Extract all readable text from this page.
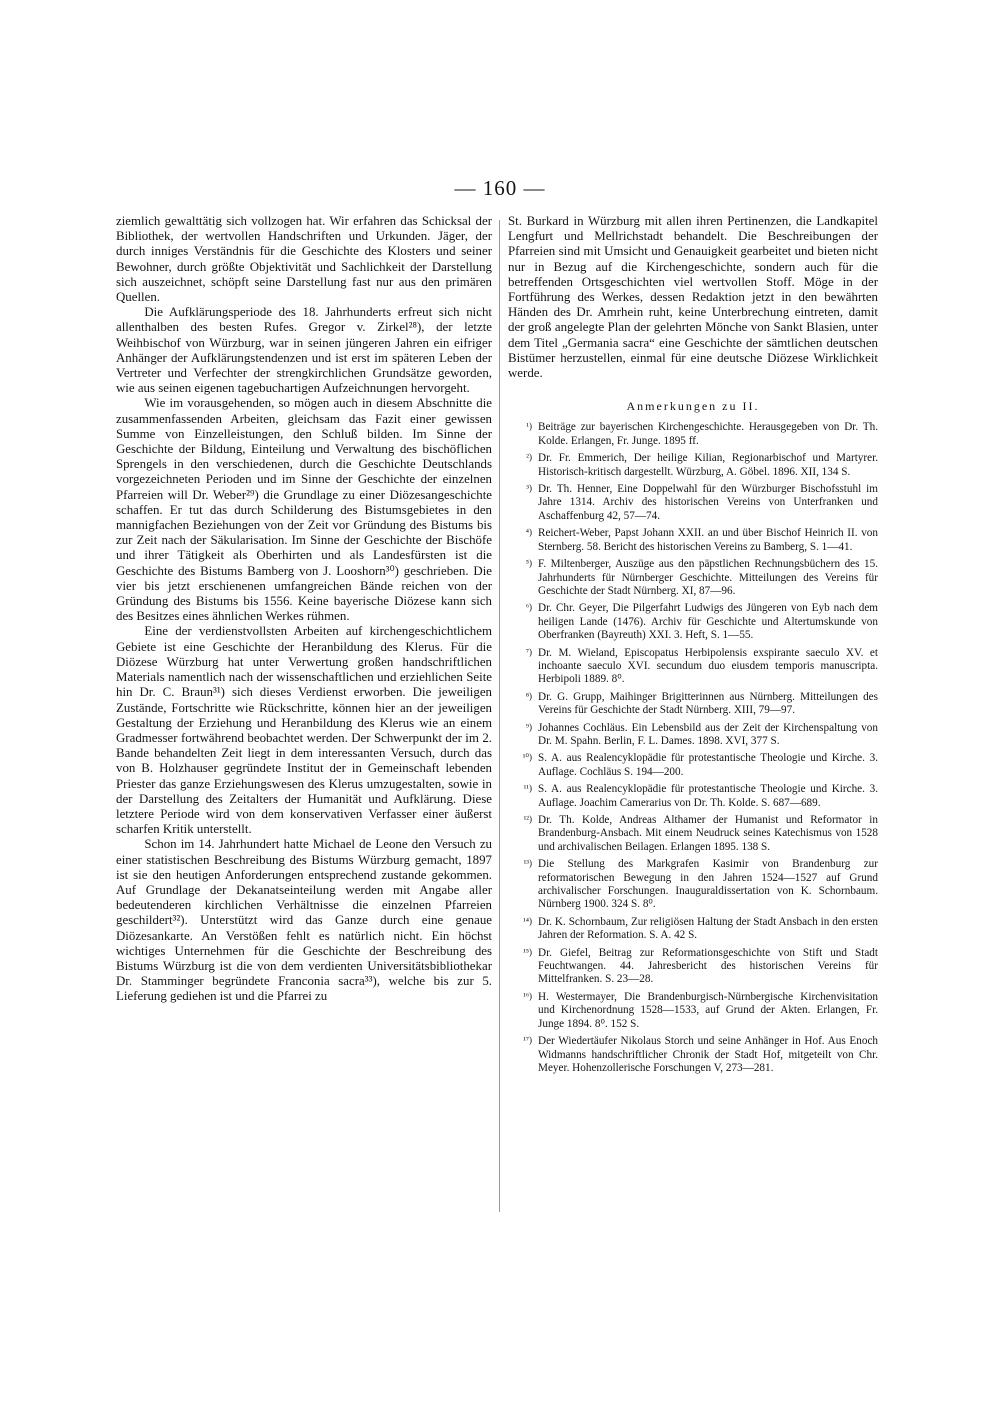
— 160 —

ziemlich gewalttätig sich vollzogen hat. Wir erfahren das Schicksal der Bibliothek, der wertvollen Handschriften und Urkunden. Jäger, der durch inniges Verständnis für die Geschichte des Klosters und seiner Bewohner, durch größte Objektivität und Sachlichkeit der Darstellung sich auszeichnet, schöpft seine Darstellung fast nur aus den primären Quellen.

Die Aufklärungsperiode des 18. Jahrhunderts erfreut sich nicht allenthalben des besten Rufes. Gregor v. Zirkel²⁸), der letzte Weihbischof von Würzburg, war in seinen jüngeren Jahren ein eifriger Anhänger der Aufklärungstendenzen und ist erst im späteren Leben der Vertreter und Verfechter der strengkirchlichen Grundsätze geworden, wie aus seinen eigenen tagebuchartigen Aufzeichnungen hervorgeht.

Wie im vorausgehenden, so mögen auch in diesem Abschnitte die zusammenfassenden Arbeiten, gleichsam das Fazit einer gewissen Summe von Einzelleistungen, den Schluß bilden. Im Sinne der Geschichte der Bildung, Einteilung und Verwaltung des bischöflichen Sprengels in den verschiedenen, durch die Geschichte Deutschlands vorgezeichneten Perioden und im Sinne der Geschichte der einzelnen Pfarreien will Dr. Weber²⁹) die Grundlage zu einer Diözesangeschichte schaffen. Er tut das durch Schilderung des Bistumsgebietes in den mannigfachen Beziehungen von der Zeit vor Gründung des Bistums bis zur Zeit nach der Säkularisation. Im Sinne der Geschichte der Bischöfe und ihrer Tätigkeit als Oberhirten und als Landesfürsten ist die Geschichte des Bistums Bamberg von J. Looshorn³⁰) geschrieben. Die vier bis jetzt erschienenen umfangreichen Bände reichen von der Gründung des Bistums bis 1556. Keine bayerische Diözese kann sich des Besitzes eines ähnlichen Werkes rühmen.

Eine der verdienstvollsten Arbeiten auf kirchengeschichtlichem Gebiete ist eine Geschichte der Heranbildung des Klerus. Für die Diözese Würzburg hat unter Verwertung großen handschriftlichen Materials namentlich nach der wissenschaftlichen und erziehlichen Seite hin Dr. C. Braun³¹) sich dieses Verdienst erworben. Die jeweiligen Zustände, Fortschritte wie Rückschritte, können hier an der jeweiligen Gestaltung der Erziehung und Heranbildung des Klerus wie an einem Gradmesser fortwährend beobachtet werden. Der Schwerpunkt der im 2. Bande behandelten Zeit liegt in dem interessanten Versuch, durch das von B. Holzhauser gegründete Institut der in Gemeinschaft lebenden Priester das ganze Erziehungswesen des Klerus umzugestalten, sowie in der Darstellung des Zeitalters der Humanität und Aufklärung. Diese letztere Periode wird von dem konservativen Verfasser einer äußerst scharfen Kritik unterstellt.

Schon im 14. Jahrhundert hatte Michael de Leone den Versuch zu einer statistischen Beschreibung des Bistums Würzburg gemacht, 1897 ist sie den heutigen Anforderungen entsprechend zustande gekommen. Auf Grundlage der Dekanatseinteilung werden mit Angabe aller bedeutenderen kirchlichen Verhältnisse die einzelnen Pfarreien geschildert³²). Unterstützt wird das Ganze durch eine genaue Diözesankarte. An Verstößen fehlt es natürlich nicht. Ein höchst wichtiges Unternehmen für die Geschichte der Beschreibung des Bistums Würzburg ist die von dem verdienten Universitätsbibliothekar Dr. Stamminger begründete Franconia sacra³³), welche bis zur 5. Lieferung gediehen ist und die Pfarrei zu

St. Burkard in Würzburg mit allen ihren Pertinenzen, die Landkapitel Lengfurt und Mellrichstadt behandelt. Die Beschreibungen der Pfarreien sind mit Umsicht und Genauigkeit gearbeitet und bieten nicht nur in Bezug auf die Kirchengeschichte, sondern auch für die betreffenden Ortsgeschichten viel wertvollen Stoff. Möge in der Fortführung des Werkes, dessen Redaktion jetzt in den bewährten Händen des Dr. Amrhein ruht, keine Unterbrechung eintreten, damit der groß angelegte Plan der gelehrten Mönche von Sankt Blasien, unter dem Titel „Germania sacra“ eine Geschichte der sämtlichen deutschen Bistümer herzustellen, einmal für eine deutsche Diözese Wirklichkeit werde.

Anmerkungen zu II.
¹) Beiträge zur bayerischen Kirchengeschichte. Herausgegeben von Dr. Th. Kolde. Erlangen, Fr. Junge. 1895 ff.
²) Dr. Fr. Emmerich, Der heilige Kilian, Regionarbischof und Martyrer. Historisch-kritisch dargestellt. Würzburg, A. Göbel. 1896. XII, 134 S.
³) Dr. Th. Henner, Eine Doppelwahl für den Würzburger Bischofsstuhl im Jahre 1314. Archiv des historischen Vereins von Unterfranken und Aschaffenburg 42, 57—74.
⁴) Reichert-Weber, Papst Johann XXII. an und über Bischof Heinrich II. von Sternberg. 58. Bericht des historischen Vereins zu Bamberg, S. 1—41.
⁵) F. Miltenberger, Auszüge aus den päpstlichen Rechnungsbüchern des 15. Jahrhunderts für Nürnberger Geschichte. Mitteilungen des Vereins für Geschichte der Stadt Nürnberg. XI, 87—96.
⁶) Dr. Chr. Geyer, Die Pilgerfahrt Ludwigs des Jüngeren von Eyb nach dem heiligen Lande (1476). Archiv für Geschichte und Altertumskunde von Oberfranken (Bayreuth) XXI. 3. Heft, S. 1—55.
⁷) Dr. M. Wieland, Episcopatus Herbipolensis exspirante saeculo XV. et inchoante saeculo XVI. secundum duo eiusdem temporis manuscripta. Herbipoli 1889. 8⁰.
⁸) Dr. G. Grupp, Maihinger Brigitterinnen aus Nürnberg. Mitteilungen des Vereins für Geschichte der Stadt Nürnberg. XIII, 79—97.
⁹) Johannes Cochläus. Ein Lebensbild aus der Zeit der Kirchenspaltung von Dr. M. Spahn. Berlin, F. L. Dames. 1898. XVI, 377 S.
¹⁰) S. A. aus Realencyklopädie für protestantische Theologie und Kirche. 3. Auflage. Cochläus S. 194—200.
¹¹) S. A. aus Realencyklopädie für protestantische Theologie und Kirche. 3. Auflage. Joachim Camerarius von Dr. Th. Kolde. S. 687—689.
¹²) Dr. Th. Kolde, Andreas Althamer der Humanist und Reformator in Brandenburg-Ansbach. Mit einem Neudruck seines Katechismus von 1528 und archivalischen Beilagen. Erlangen 1895. 138 S.
¹³) Die Stellung des Markgrafen Kasimir von Brandenburg zur reformatorischen Bewegung in den Jahren 1524—1527 auf Grund archivalischer Forschungen. Inauguraldissertation von K. Schornbaum. Nürnberg 1900. 324 S. 8⁰.
¹⁴) Dr. K. Schornbaum, Zur religiösen Haltung der Stadt Ansbach in den ersten Jahren der Reformation. S. A. 42 S.
¹⁵) Dr. Giefel, Beitrag zur Reformationsgeschichte von Stift und Stadt Feuchtwangen. 44. Jahresbericht des historischen Vereins für Mittelfranken. S. 23—28.
¹⁶) H. Westermayer, Die Brandenburgisch-Nürnbergische Kirchenvisitation und Kirchenordnung 1528—1533, auf Grund der Akten. Erlangen, Fr. Junge 1894. 8⁰. 152 S.
¹⁷) Der Wiedertäufer Nikolaus Storch und seine Anhänger in Hof. Aus Enoch Widmanns handschriftlicher Chronik der Stadt Hof, mitgeteilt von Chr. Meyer. Hohenzollerische Forschungen V, 273—281.
